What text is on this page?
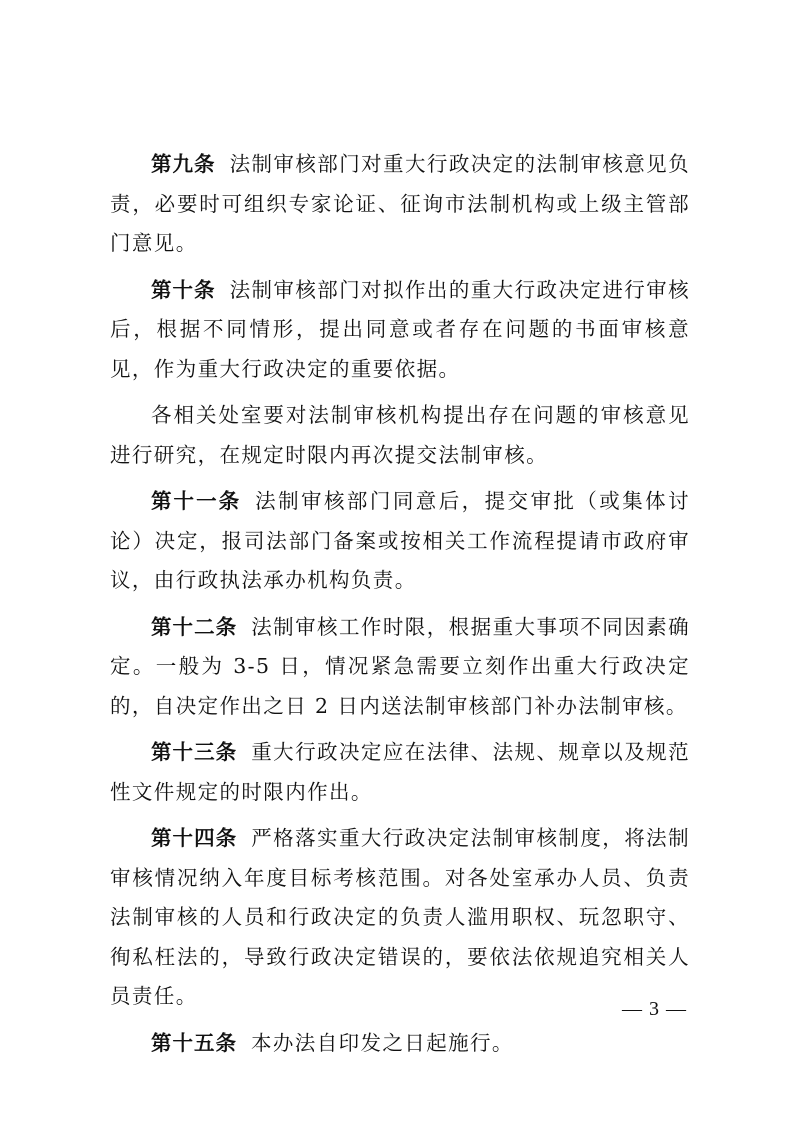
第九条 法制审核部门对重大行政决定的法制审核意见负责，必要时可组织专家论证、征询市法制机构或上级主管部门意见。

第十条 法制审核部门对拟作出的重大行政决定进行审核后，根据不同情形，提出同意或者存在问题的书面审核意见，作为重大行政决定的重要依据。

各相关处室要对法制审核机构提出存在问题的审核意见进行研究，在规定时限内再次提交法制审核。

第十一条 法制审核部门同意后，提交审批（或集体讨论）决定，报司法部门备案或按相关工作流程提请市政府审议，由行政执法承办机构负责。

第十二条 法制审核工作时限，根据重大事项不同因素确定。一般为 3-5 日，情况紧急需要立刻作出重大行政决定的，自决定作出之日 2 日内送法制审核部门补办法制审核。

第十三条 重大行政决定应在法律、法规、规章以及规范性文件规定的时限内作出。

第十四条 严格落实重大行政决定法制审核制度，将法制审核情况纳入年度目标考核范围。对各处室承办人员、负责法制审核的人员和行政决定的负责人滥用职权、玩忽职守、徇私枉法的，导致行政决定错误的，要依法依规追究相关人员责任。

第十五条 本办法自印发之日起施行。

— 3 —
